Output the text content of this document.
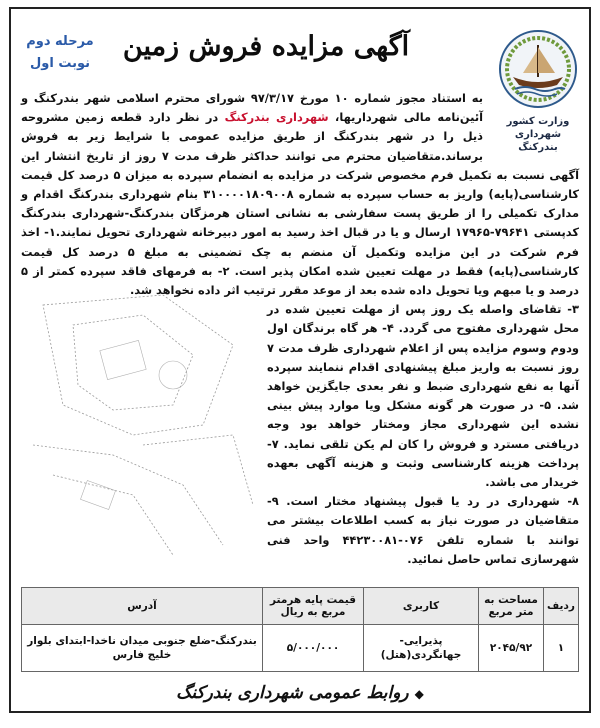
مرحله دوم
نوبت اول
آگهی مزایده فروش زمین
وزارت کشور
شهرداری بندرکنگ

به استناد مجوز شماره ۱۰ مورخ ۹۷/۳/۱۷ شورای محترم اسلامی شهر بندرکنگ و آئین‌نامه مالی شهرداریها، شهرداری بندرکنگ در نظر دارد قطعه زمین مشروحه ذیل را در شهر بندرکنگ از طریق مزایده عمومی با شرایط زیر به فروش برساند.متقاضیان محترم می توانند حداکثر ظرف مدت ۷ روز از تاریخ انتشار این آگهی نسبت به تکمیل فرم مخصوص شرکت در مزایده به انضمام سپرده به میزان ۵ درصد کل قیمت کارشناسی(پایه) واریز به حساب سپرده به شماره ۳۱۰۰۰۰۱۸۰۹۰۰۸ بنام شهرداری بندرکنگ اقدام و مدارک تکمیلی را از طریق پست سفارشی به نشانی استان هرمزگان بندرکنگ-شهرداری بندرکنگ کدپستی ۷۹۶۴۱-۱۷۹۶۵ ارسال و یا در قبال اخذ رسید به امور دبیرخانه شهرداری تحویل نمایند.۱- اخذ فرم شرکت در این مزایده وتکمیل آن منضم به چک تضمینی به مبلغ ۵ درصد کل قیمت کارشناسی(پایه) فقط در مهلت تعیین شده امکان پذیر است. ۲- به فرمهای فاقد سپرده کمتر از ۵ درصد و یا مبهم ویا تحویل داده شده بعد از موعد مقرر ترتیب اثر داده نخواهد شد.

۳- تقاضای واصله یک روز پس از مهلت تعیین شده در محل شهرداری مفتوح می گردد. ۴- هر گاه برندگان اول ودوم وسوم مزایده پس از اعلام شهرداری ظرف مدت ۷ روز نسبت به واریز مبلغ پیشنهادی اقدام ننمایند سپرده آنها به نفع شهرداری ضبط و نفر بعدی جایگزین خواهد شد. ۵- در صورت هر گونه مشکل ویا موارد پیش بینی نشده این شهرداری مجاز ومختار خواهد بود وجه دریافتی مسترد و فروش را کان لم یکن تلقی نماید. ۷- پرداخت هزینه کارشناسی وثبت و هزینه آگهی بعهده خریدار می باشد.

۸- شهرداری در رد یا قبول پیشنهاد مختار است. ۹- متقاضیان در صورت نیاز به کسب اطلاعات بیشتر می توانند با شماره تلفن ۰۷۶-۴۴۲۳۰۰۸۱ واحد فنی شهرسازی تماس حاصل نمائید.

ردیف	مساحت به متر مربع	کاربری	قیمت پایه هرمتر مربع به ریال	آدرس
۱	۲۰۴۵/۹۲	پذیرایی-جهانگردی(هتل)	۵/۰۰۰/۰۰۰	بندرکنگ-ضلع جنوبی میدان ناخدا-ابتدای بلوار خلیج فارس
◆روابط عمومی شهرداری بندرکنگ
